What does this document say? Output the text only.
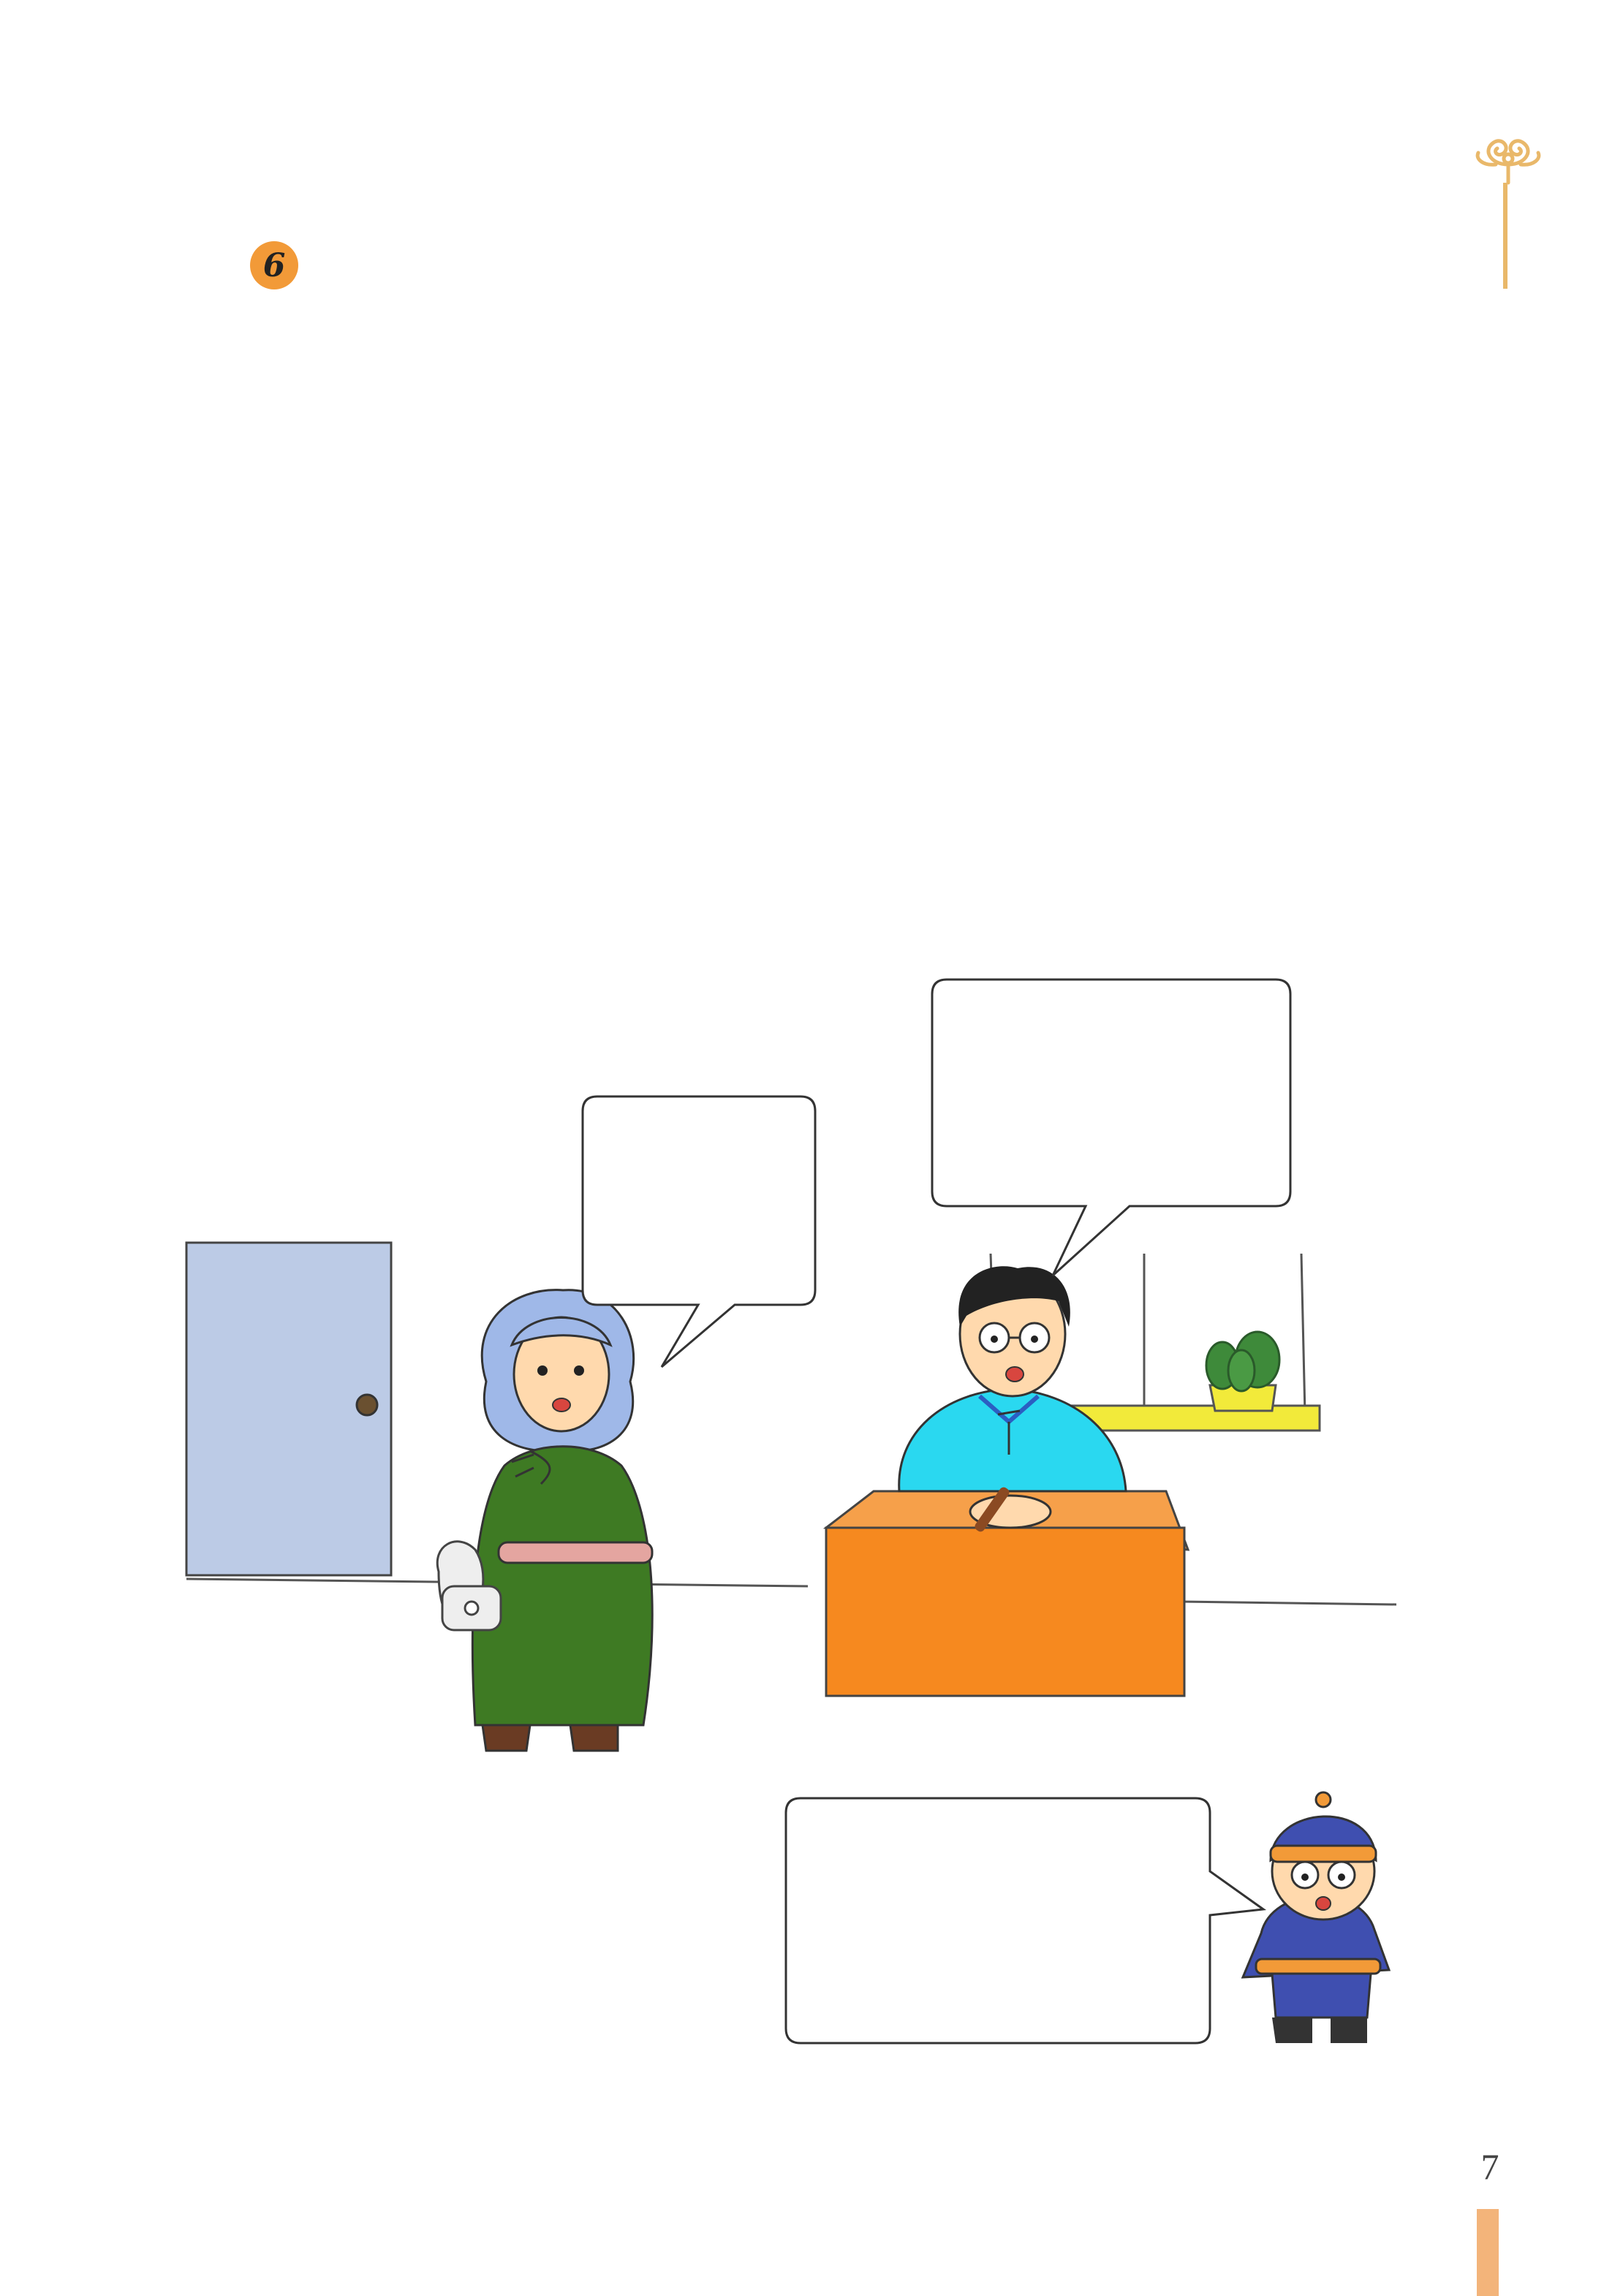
6
7
